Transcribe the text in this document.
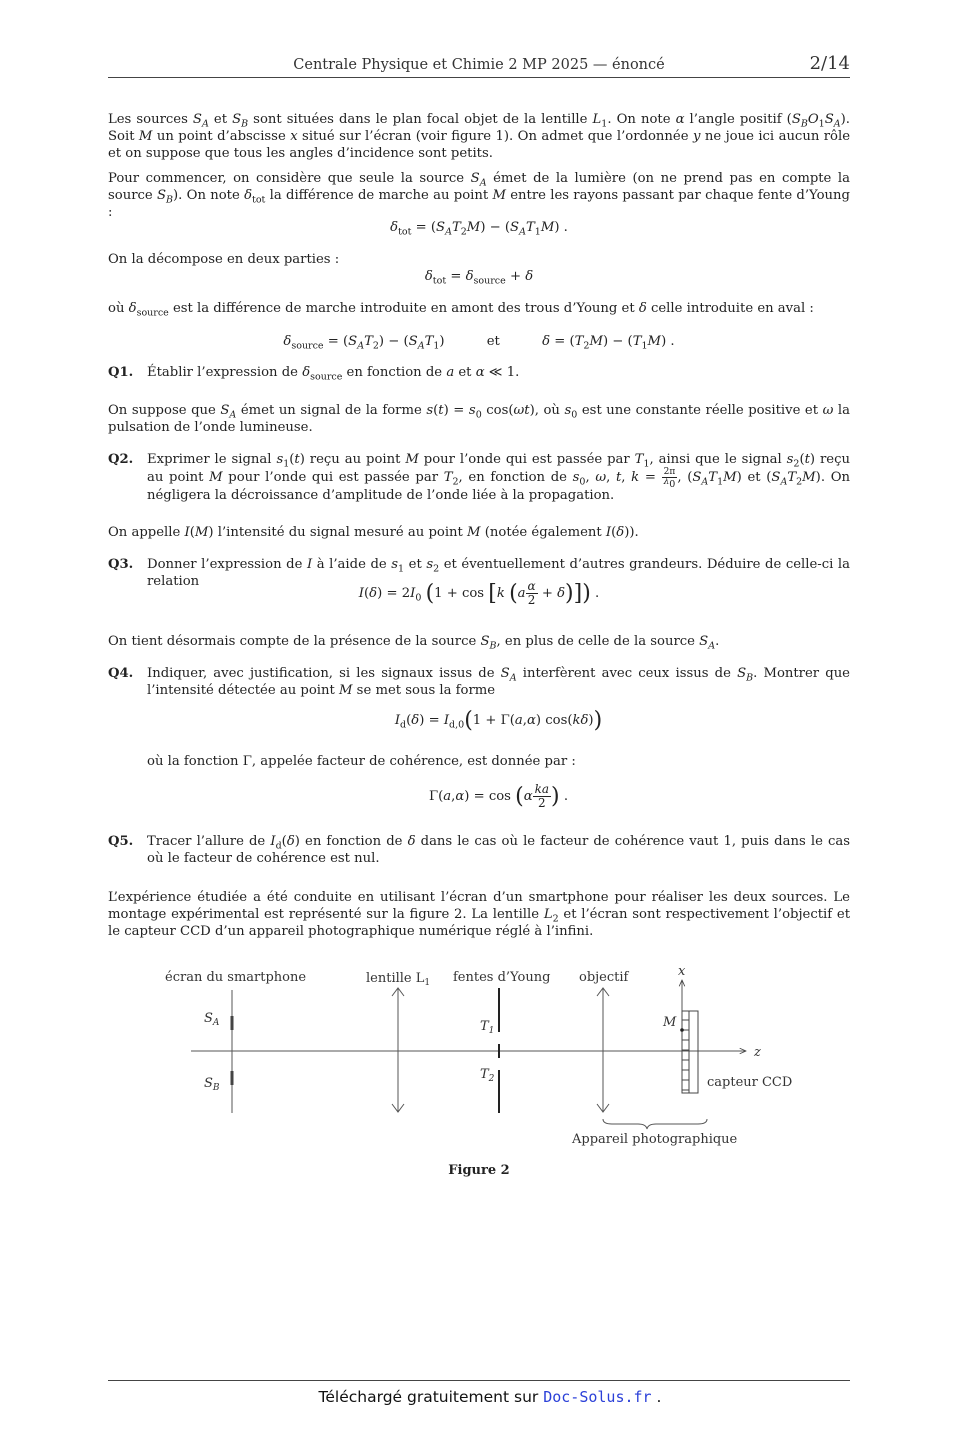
Centrale Physique et Chimie 2 MP 2025 — énoncé	2/14

Les sources $S_A$ et $S_B$ sont situées dans le plan focal objet de la lentille $L_1$. On note α l’angle positif $(S_BO_1S_A)$. Soit M un point d’abscisse x situé sur l’écran (voir figure 1). On admet que l’ordonnée y ne joue ici aucun rôle et on suppose que tous les angles d’incidence sont petits.

Pour commencer, on considère que seule la source $S_A$ émet de la lumière (on ne prend pas en compte la source $S_B$). On note $\delta_{tot}$ la différence de marche au point M entre les rayons passant par chaque fente d’Young :

$\delta_{tot} = (S_AT_2M) - (S_AT_1M)$ .

On la décompose en deux parties :

$\delta_{tot} = \delta_{source} + \delta$

où $\delta_{source}$ est la différence de marche introduite en amont des trous d’Young et δ celle introduite en aval :

$\delta_{source} = (S_AT_2) - (S_AT_1)$	et	$\delta = (T_2M) - (T_1M)$ .
Q1. Établir l’expression de $\delta_{source}$ en fonction de a et α ≪ 1.

On suppose que $S_A$ émet un signal de la forme $s(t) = s_0$ cos(ωt), où $s_0$ est une constante réelle positive et ω la pulsation de l’onde lumineuse.

Q2. Exprimer le signal $s_1(t)$ reçu au point M pour l’onde qui est passée par $T_1$, ainsi que le signal $s_2(t)$ reçu au point M pour l’onde qui est passée par $T_2$, en fonction de $s_0$, ω, t, $k = \frac{2\pi}{\lambda_0}$ , $(S_AT_1M)$ et $(S_AT_2M)$. On négligera la décroissance d’amplitude de l’onde liée à la propagation.

On appelle I(M) l’intensité du signal mesuré au point M (notée également I(δ)).

Q3. Donner l’expression de I à l’aide de $s_1$ et $s_2$ et éventuellement d’autres grandeurs. Déduire de celle-ci la relation

$I(\delta) = 2I_0$ (1 + cos [k $(a \frac{\alpha}{2} + \delta)$]) .

On tient désormais compte de la présence de la source $S_B$, en plus de celle de la source $S_A$.

Q4. Indiquer, avec justification, si les signaux issus de $S_A$ interfèrent avec ceux issus de $S_B$. Montrer que l’intensité détectée au point M se met sous la forme

$I_d(\delta) = I_{d,0}(1 + \Gamma(a,\alpha)$ cos(kδ))

où la fonction Γ, appelée facteur de cohérence, est donnée par :

$\Gamma(a,\alpha) = \cos (\alpha \frac{ka}{2}$ ) .
Q5. Tracer l’allure de $I_d(\delta)$ en fonction de δ dans le cas où le facteur de cohérence vaut 1, puis dans le cas où le facteur de cohérence est nul.

L’expérience étudiée a été conduite en utilisant l’écran d’un smartphone pour réaliser les deux sources. Le montage expérimental est représenté sur la figure 2. La lentille $L_2$ et l’écran sont respectivement l’objectif et le capteur CCD d’un appareil photographique numérique réglé à l’infini.

z
écran du smartphone
$S_A$
$S_B$
lentille $L_1$ fentes d’Young
$T_1$
$T_2$
objectif	x
M
capteur CCD
Appareil photographique
Figure 2
Téléchargé gratuitement sur Doc-Solus.fr .
